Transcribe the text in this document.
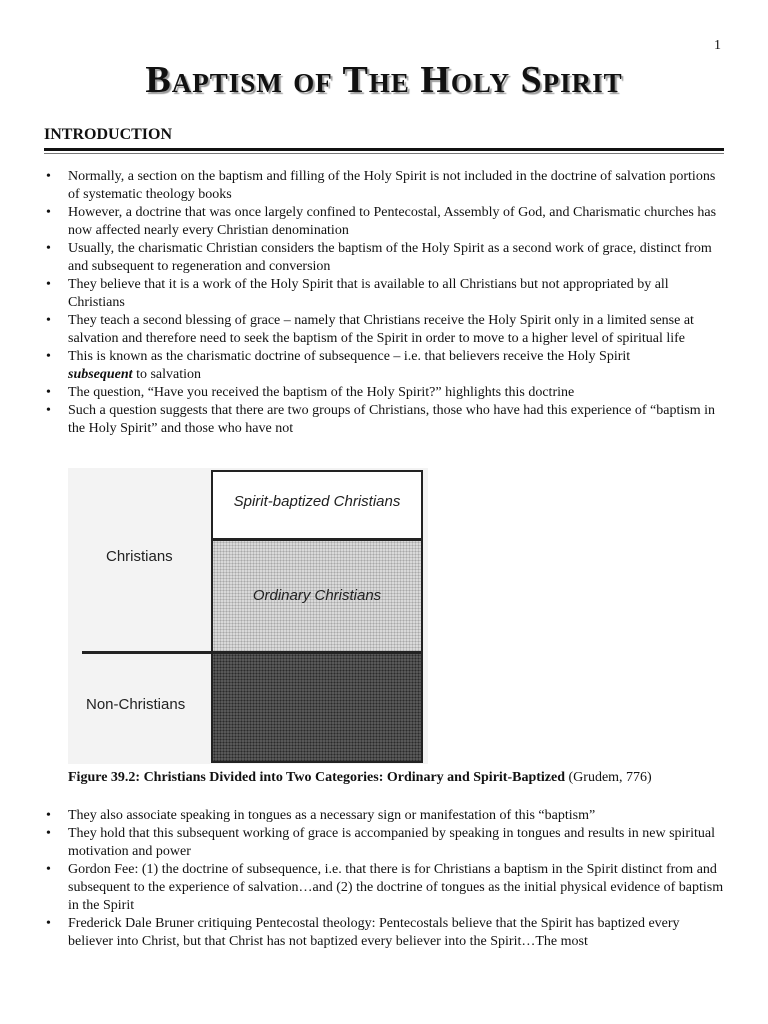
1
Baptism of The Holy Spirit
INTRODUCTION
• Normally, a section on the baptism and filling of the Holy Spirit is not included in the doctrine of salvation portions of systematic theology books
• However, a doctrine that was once largely confined to Pentecostal, Assembly of God, and Charismatic churches has now affected nearly every Christian denomination
• Usually, the charismatic Christian considers the baptism of the Holy Spirit as a second work of grace, distinct from and subsequent to regeneration and conversion
• They believe that it is a work of the Holy Spirit that is available to all Christians but not appropriated by all Christians
• They teach a second blessing of grace – namely that Christians receive the Holy Spirit only in a limited sense at salvation and therefore need to seek the baptism of the Spirit in order to move to a higher level of spiritual life
• This is known as the charismatic doctrine of subsequence – i.e. that believers receive the Holy Spirit
subsequent to salvation
• The question, “Have you received the baptism of the Holy Spirit?” highlights this doctrine
• Such a question suggests that there are two groups of Christians, those who have had this experience of “baptism in the Holy Spirit” and those who have not
Spirit-baptized Christians
Ordinary Christians
Christians
Non-Christians
Figure 39.2: Christians Divided into Two Categories: Ordinary and Spirit-Baptized (Grudem, 776)
• They also associate speaking in tongues as a necessary sign or manifestation of this “baptism”
• They hold that this subsequent working of grace is accompanied by speaking in tongues and results in new spiritual motivation and power
• Gordon Fee: (1) the doctrine of subsequence, i.e. that there is for Christians a baptism in the Spirit distinct from and subsequent to the experience of salvation…and (2) the doctrine of tongues as the initial physical evidence of baptism in the Spirit
• Frederick Dale Bruner critiquing Pentecostal theology: Pentecostals believe that the Spirit has baptized every believer into Christ, but that Christ has not baptized every believer into the Spirit…The most
